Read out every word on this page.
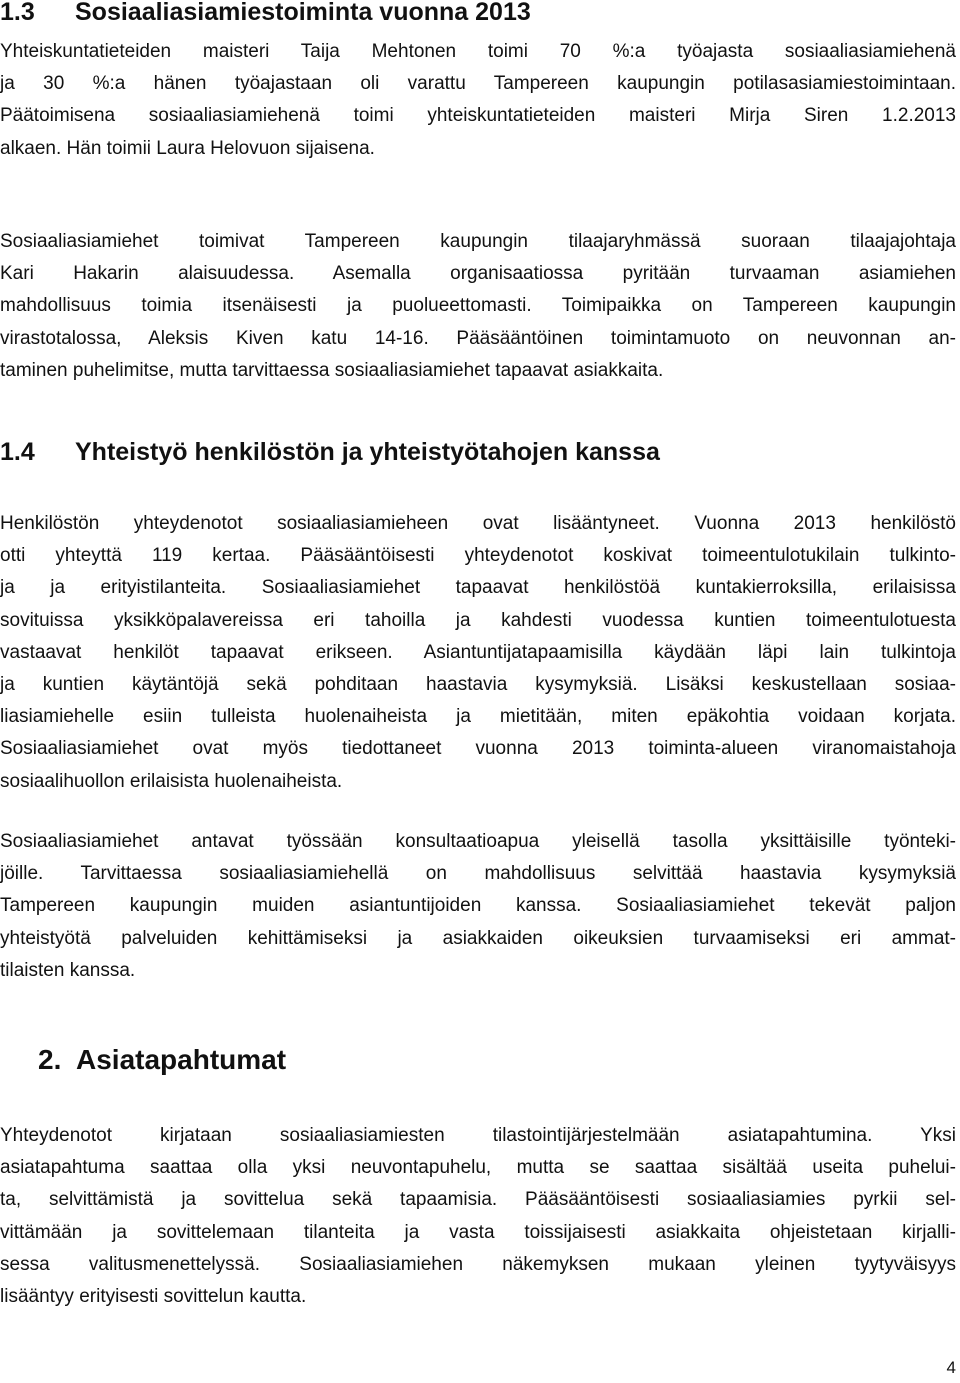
1.3 Sosiaaliasiamiestoiminta vuonna 2013
Yhteiskuntatieteiden maisteri Taija Mehtonen toimi 70 %:a työajasta sosiaaliasiamiehenä
ja 30 %:a hänen työajastaan oli varattu Tampereen kaupungin potilasasiamiestoimintaan.
Päätoimisena sosiaaliasiamiehenä toimi yhteiskuntatieteiden maisteri Mirja Siren 1.2.2013
alkaen. Hän toimii Laura Helovuon sijaisena.
Sosiaaliasiamiehet toimivat Tampereen kaupungin tilaajaryhmässä suoraan tilaajajohtaja
Kari Hakarin alaisuudessa. Asemalla organisaatiossa pyritään turvaaman asiamiehen
mahdollisuus toimia itsenäisesti ja puolueettomasti. Toimipaikka on Tampereen kaupungin
virastotalossa, Aleksis Kiven katu 14-16. Pääsääntöinen toimintamuoto on neuvonnan an-
taminen puhelimitse, mutta tarvittaessa sosiaaliasiamiehet tapaavat asiakkaita.
1.4 Yhteistyö henkilöstön ja yhteistyötahojen kanssa
Henkilöstön yhteydenotot sosiaaliasiamieheen ovat lisääntyneet. Vuonna 2013 henkilöstö
otti yhteyttä 119 kertaa. Pääsääntöisesti yhteydenotot koskivat toimeentulotukilain tulkinto-
ja ja erityistilanteita. Sosiaaliasiamiehet tapaavat henkilöstöä kuntakierroksilla, erilaisissa
sovituissa yksikköpalavereissa eri tahoilla ja kahdesti vuodessa kuntien toimeentulotuesta
vastaavat henkilöt tapaavat erikseen. Asiantuntijatapaamisilla käydään läpi lain tulkintoja
ja kuntien käytäntöjä sekä pohditaan haastavia kysymyksiä. Lisäksi keskustellaan sosiaa-
liasiamiehelle esiin tulleista huolenaiheista ja mietitään, miten epäkohtia voidaan korjata.
Sosiaaliasiamiehet ovat myös tiedottaneet vuonna 2013 toiminta-alueen viranomaistahoja
sosiaalihuollon erilaisista huolenaiheista.
Sosiaaliasiamiehet antavat työssään konsultaatioapua yleisellä tasolla yksittäisille työnteki-
jöille. Tarvittaessa sosiaaliasiamiehellä on mahdollisuus selvittää haastavia kysymyksiä
Tampereen kaupungin muiden asiantuntijoiden kanssa. Sosiaaliasiamiehet tekevät paljon
yhteistyötä palveluiden kehittämiseksi ja asiakkaiden oikeuksien turvaamiseksi eri ammat-
tilaisten kanssa.
2. Asiatapahtumat
Yhteydenotot kirjataan sosiaaliasiamiesten tilastointijärjestelmään asiatapahtumina. Yksi
asiatapahtuma saattaa olla yksi neuvontapuhelu, mutta se saattaa sisältää useita puhelui-
ta, selvittämistä ja sovittelua sekä tapaamisia. Pääsääntöisesti sosiaaliasiamies pyrkii sel-
vittämään ja sovittelemaan tilanteita ja vasta toissijaisesti asiakkaita ohjeistetaan kirjalli-
sessa valitusmenettelyssä. Sosiaaliasiamiehen näkemyksen mukaan yleinen tyytyväisyys
lisääntyy erityisesti sovittelun kautta.

4
